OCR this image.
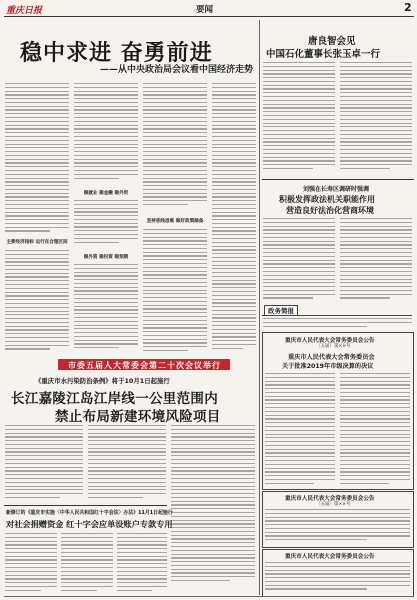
重庆日报	要闻	2
稳中求进 奋勇前进
——从中央政治局会议看中国经济走势
主要经济指标 运行在合理区间
稳就业 稳金融 稳外贸
稳外资 稳投资 稳预期
坚持底线思维 做好政策储备
唐良智会见
中国石化董事长张玉卓一行
刘强在长寿区调研时强调
积极发挥政法机关职能作用
营造良好法治化营商环境
政务简报
重庆市人民代表大会常务委员会公告
〔五届〕第××号
重庆市人民代表大会常务委员会
关于批准2019年市级决算的决议
重庆市人民代表大会常务委员会公告
〔五届〕第××号
重庆市人民代表大会常务委员会公告
市委五届人大常委会第二十次会议举行
《重庆市水污染防治条例》将于10月1日起施行
长江嘉陵江岛江岸线一公里范围内
禁止布局新建环境风险项目
新修订的《重庆市实施〈中华人民共和国红十字会法〉办法》11月1日起施行
对社会捐赠资金 红十字会应单设账户专款专用
